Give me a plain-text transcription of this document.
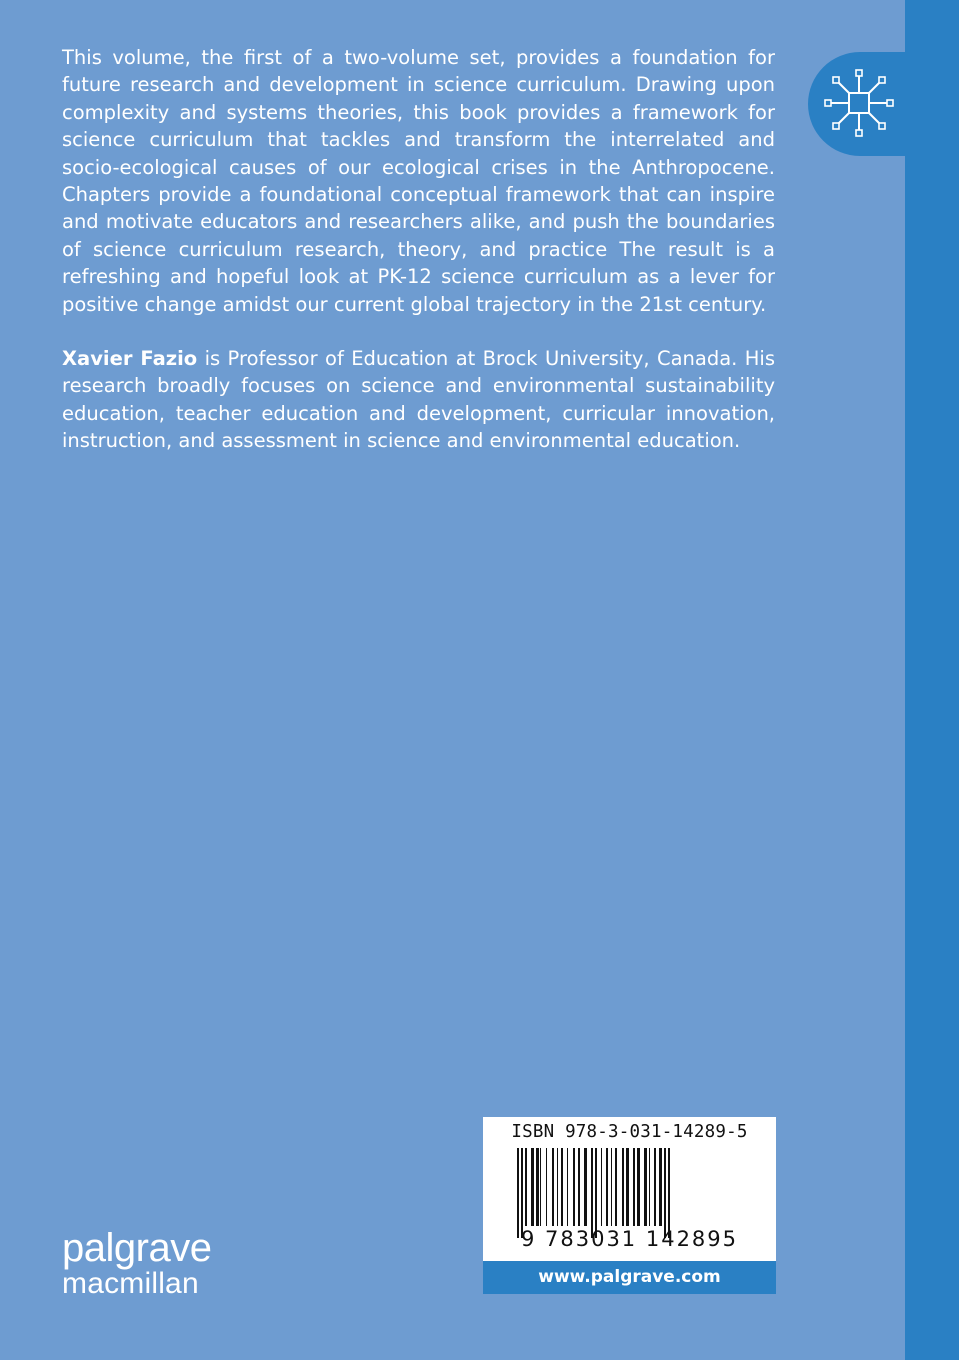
This volume, the first of a two-volume set, provides a foundation for future research and development in science curriculum. Drawing upon complexity and systems theories, this book provides a framework for science curriculum that tackles and transform the interrelated and socio-ecological causes of our ecological crises in the Anthropocene. Chapters provide a foundational conceptual framework that can inspire and motivate educators and researchers alike, and push the boundaries of science curriculum research, theory, and practice The result is a refreshing and hopeful look at PK-12 science curriculum as a lever for positive change amidst our current global trajectory in the 21st century.

Xavier Fazio is Professor of Education at Brock University, Canada. His research broadly focuses on science and environmental sustainability education, teacher education and development, curricular innovation, instruction, and assessment in science and environmental education.

ISBN 978-3-031-14289-5
9 783031 142895
www.palgrave.com
palgrave
macmillan
